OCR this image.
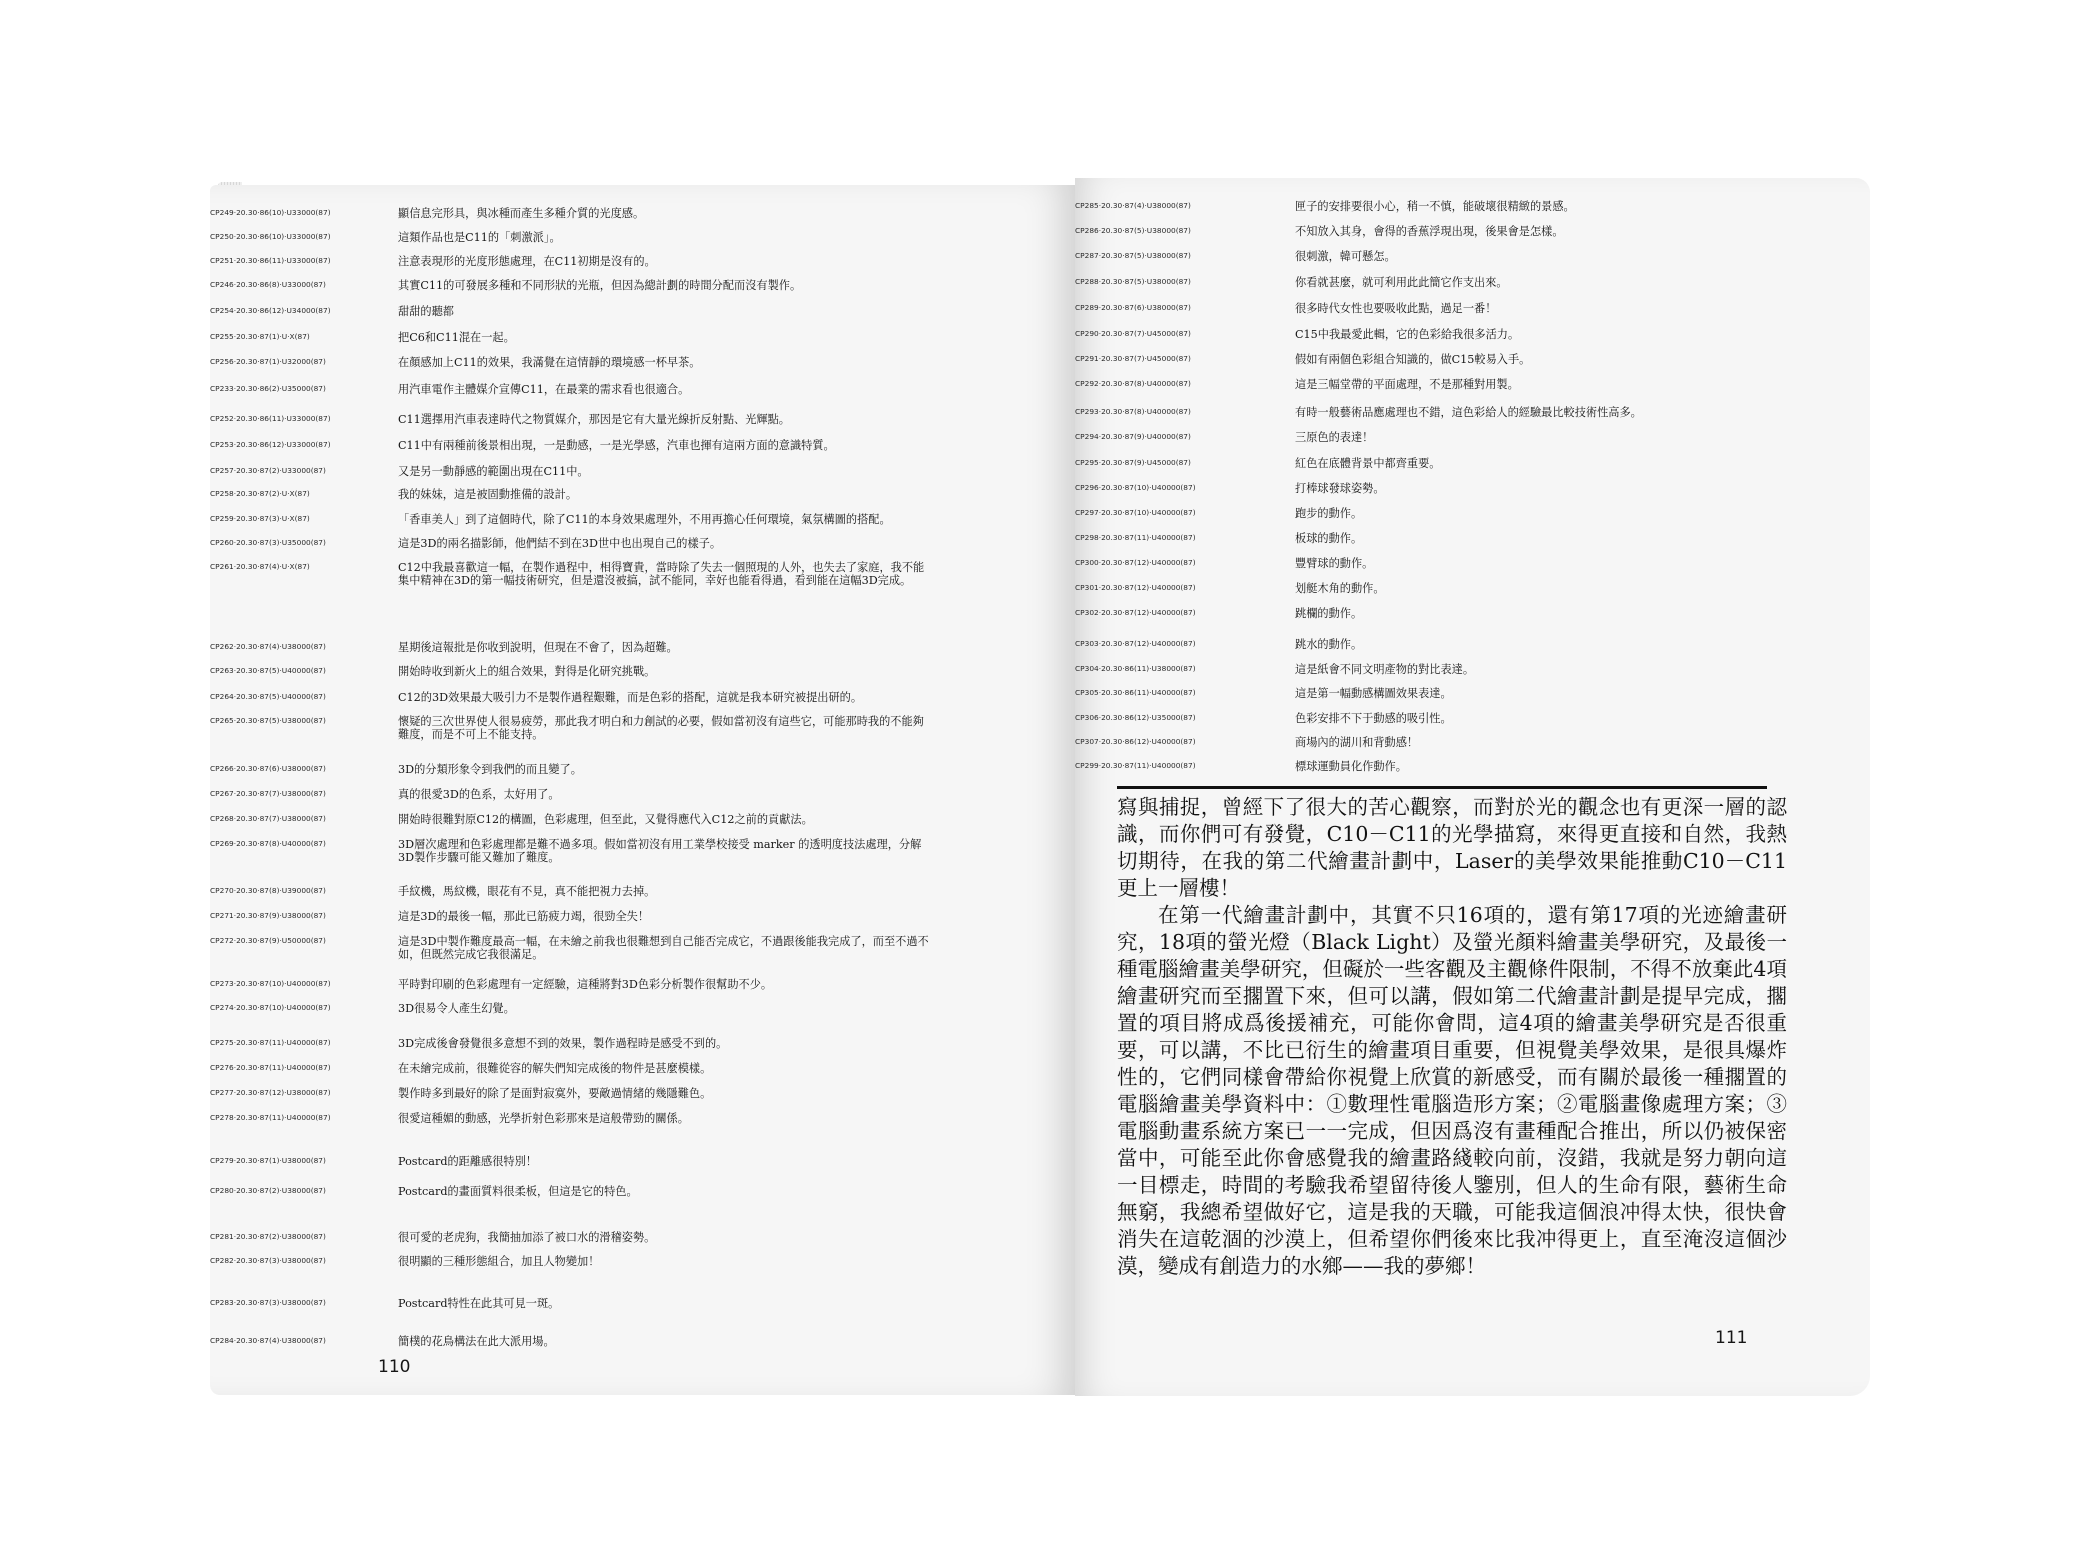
CP249·20.30·86(10)·U33000(87)	顯信息完形具，與冰種而產生多種介質的光度感。
CP250·20.30·86(10)·U33000(87)	這類作品也是C11的「刺激派」。
CP251·20.30·86(11)·U33000(87)	注意表現形的光度形態處理，在C11初期是沒有的。
CP246·20.30·86(8)·U33000(87)	其實C11的可發展多種和不同形狀的光瓶，但因為總計劃的時間分配而沒有製作。
CP254·20.30·86(12)·U34000(87)	甜甜的聽都
CP255·20.30·87(1)·U·X(87)	把C6和C11混在一起。
CP256·20.30·87(1)·U32000(87)	在顏感加上C11的效果，我滿覺在這情靜的環境感一杯早茶。
CP233·20.30·86(2)·U35000(87)	用汽車電作主體媒介宣傳C11，在最業的需求看也很適合。
CP252·20.30·86(11)·U33000(87)	C11選擇用汽車表達時代之物質媒介，那因是它有大量光線折反射點、光輝點。
CP253·20.30·86(12)·U33000(87)	C11中有兩種前後景相出現，一是動感，一是光學感，汽車也揮有這兩方面的意識特質。
CP257·20.30·87(2)·U33000(87)	又是另一動靜感的範圍出現在C11中。
CP258·20.30·87(2)·U·X(87)	我的妹妹，這是被固動推備的設計。
CP259·20.30·87(3)·U·X(87)	「香車美人」到了這個時代，除了C11的本身效果處理外，不用再擔心任何環境，氣氛構圖的搭配。
CP260·20.30·87(3)·U35000(87)	這是3D的兩名描影師，他們結不到在3D世中也出現自己的樣子。
CP261·20.30·87(4)·U·X(87)	C12中我最喜歡這一幅，在製作過程中，相得寶貴，當時除了失去一個照現的人外，也失去了家庭，我不能集中精神在3D的第一幅技術研究，但是還沒被搞，試不能同，幸好也能看得過，看到能在這幅3D完成。
CP262·20.30·87(4)·U38000(87)	星期後這報批是你收到說明，但現在不會了，因為超難。
CP263·20.30·87(5)·U40000(87)	開始時收到新火上的組合效果，對得是化研究挑戰。
CP264·20.30·87(5)·U40000(87)	C12的3D效果最大吸引力不是製作過程艱難，而是色彩的搭配，這就是我本研究被提出研的。
CP265·20.30·87(5)·U38000(87)	懷疑的三次世界使人很易疲勞，那此我才明白和力創試的必要，假如當初沒有這些它，可能那時我的不能夠難度，而是不可上不能支持。
CP266·20.30·87(6)·U38000(87)	3D的分類形象令到我們的而且變了。
CP267·20.30·87(7)·U38000(87)	真的很愛3D的色系，太好用了。
CP268·20.30·87(7)·U38000(87)	開始時很難對原C12的構圖，色彩處理，但至此，又覺得應代入C12之前的貢獻法。
CP269·20.30·87(8)·U40000(87)	3D層次處理和色彩處理都是難不過多項。假如當初沒有用工業學校接受 marker 的透明度技法處理，分解3D製作步驟可能又難加了難度。
CP270·20.30·87(8)·U39000(87)	手紋機，馬紋機，眼花有不見，真不能把視力去掉。
CP271·20.30·87(9)·U38000(87)	這是3D的最後一幅，那此已筋疲力竭，很勁全失！
CP272·20.30·87(9)·U50000(87)	這是3D中製作難度最高一幅，在未繪之前我也很難想到自己能否完成它，不過跟後能我完成了，而至不過不如，但既然完成它我很滿足。
CP273·20.30·87(10)·U40000(87)	平時對印刷的色彩處理有一定經驗，這種將對3D色彩分析製作很幫助不少。
CP274·20.30·87(10)·U40000(87)	3D很易令人產生幻覺。
CP275·20.30·87(11)·U40000(87)	3D完成後會發覺很多意想不到的效果，製作過程時是感受不到的。
CP276·20.30·87(11)·U40000(87)	在未繪完成前，很難從容的解失們知完成後的物件是甚麼模樣。
CP277·20.30·87(12)·U38000(87)	製作時多到最好的除了是面對寂寞外，要敵過情緒的幾隱難色。
CP278·20.30·87(11)·U40000(87)	很愛這種媚的動感，光學折射色彩那來是這般帶勁的關係。
CP279·20.30·87(1)·U38000(87)	Postcard的距離感很特別！
CP280·20.30·87(2)·U38000(87)	Postcard的畫面質料很柔板，但這是它的特色。
CP281·20.30·87(2)·U38000(87)	很可愛的老虎狗，我簡抽加添了被口水的滑稽姿勢。
CP282·20.30·87(3)·U38000(87)	很明顯的三種形態組合，加且人物變加！
CP283·20.30·87(3)·U38000(87)	Postcard特性在此其可見一斑。
CP284·20.30·87(4)·U38000(87)	簡樸的花鳥構法在此大派用場。
110
CP285·20.30·87(4)·U38000(87)	匣子的安排要很小心，稍一不慎，能破壞很精緻的景感。
CP286·20.30·87(5)·U38000(87)	不知放入其身，會得的香蕉浮現出現，後果會是怎樣。
CP287·20.30·87(5)·U38000(87)	很刺激，韓可懸怎。
CP288·20.30·87(5)·U38000(87)	你看就甚麼，就可利用此此簡它作支出來。
CP289·20.30·87(6)·U38000(87)	很多時代女性也要吸收此點，過足一番！
CP290·20.30·87(7)·U45000(87)	C15中我最愛此輯，它的色彩給我很多活力。
CP291·20.30·87(7)·U45000(87)	假如有兩個色彩組合知識的，做C15較易入手。
CP292·20.30·87(8)·U40000(87)	這是三幅堂帶的平面處理，不是那種對用製。
CP293·20.30·87(8)·U40000(87)	有時一般藝術品應處理也不錯，這色彩給人的經驗最比較技術性高多。
CP294·20.30·87(9)·U40000(87)	三原色的表達！
CP295·20.30·87(9)·U45000(87)	紅色在底體背景中都齊重要。
CP296·20.30·87(10)·U40000(87)	打棒球發球姿勢。
CP297·20.30·87(10)·U40000(87)	跑步的動作。
CP298·20.30·87(11)·U40000(87)	板球的動作。
CP300·20.30·87(12)·U40000(87)	豐臂球的動作。
CP301·20.30·87(12)·U40000(87)	划艇木角的動作。
CP302·20.30·87(12)·U40000(87)	跳欄的動作。
CP303·20.30·87(12)·U40000(87)	跳水的動作。
CP304·20.30·86(11)·U38000(87)	這是紙會不同文明產物的對比表達。
CP305·20.30·86(11)·U40000(87)	這是第一幅動感構圖效果表達。
CP306·20.30·86(12)·U35000(87)	色彩安排不下于動感的吸引性。
CP307·20.30·86(12)·U40000(87)	商場內的湖川和背動感！
CP299·20.30·87(11)·U40000(87)	標球運動員化作動作。

寫與捕捉，曾經下了很大的苦心觀察，而對於光的觀念也有更深一層的認識，而你們可有發覺，C10－C11的光學描寫，來得更直接和自然，我熱切期待，在我的第二代繪畫計劃中，Laser的美學效果能推動C10－C11更上一層樓！

在第一代繪畫計劃中，其實不只16項的，還有第17項的光迹繪畫研究，18項的螢光燈（Black Light）及螢光顏料繪畫美學研究，及最後一種電腦繪畫美學研究，但礙於一些客觀及主觀條件限制，不得不放棄此4項繪畫研究而至擱置下來，但可以講，假如第二代繪畫計劃是提早完成，擱置的項目將成爲後援補充，可能你會問，這4項的繪畫美學研究是否很重要，可以講，不比已衍生的繪畫項目重要，但視覺美學效果，是很具爆炸性的，它們同樣會帶給你視覺上欣賞的新感受，而有關於最後一種擱置的電腦繪畫美學資料中：①數理性電腦造形方案；②電腦畫像處理方案；③電腦動畫系統方案已一一完成，但因爲沒有畫種配合推出，所以仍被保密當中，可能至此你會感覺我的繪畫路綫較向前，沒錯，我就是努力朝向這一目標走，時間的考驗我希望留待後人鑒別，但人的生命有限，藝術生命無窮，我總希望做好它，這是我的天職，可能我這個浪冲得太快，很快會消失在這乾涸的沙漠上，但希望你們後來比我冲得更上，直至淹沒這個沙漠，變成有創造力的水鄉——我的夢鄉！

111
